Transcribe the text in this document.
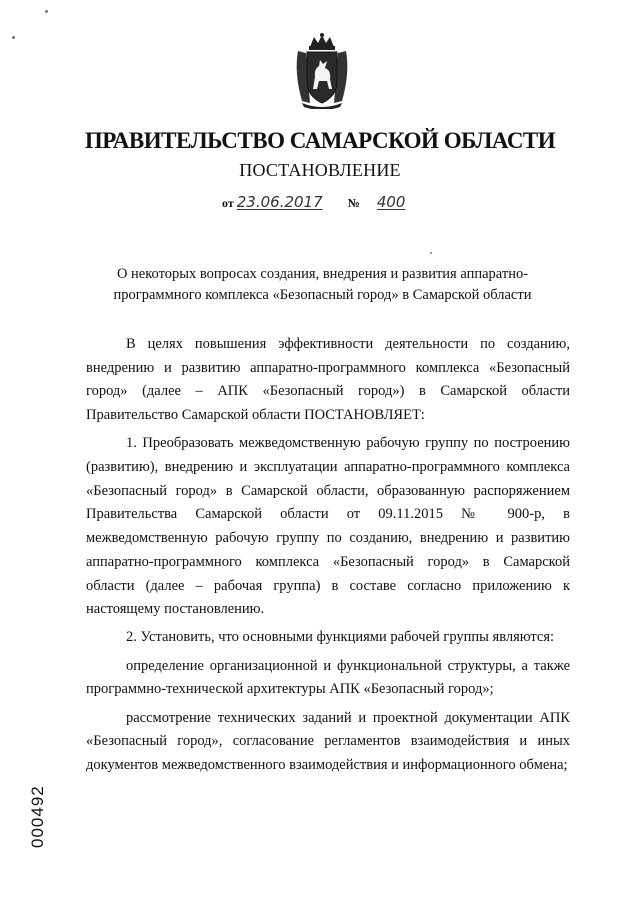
ПРАВИТЕЛЬСТВО САМАРСКОЙ ОБЛАСТИ
ПОСТАНОВЛЕНИЕ
от 23.06.2017 № 400
О некоторых вопросах создания, внедрения и развития аппаратно-программного комплекса «Безопасный город» в Самарской области

В целях повышения эффективности деятельности по созданию, внедрению и развитию аппаратно-программного комплекса «Безопасный город» (далее – АПК «Безопасный город») в Самарской области Правительство Самарской области ПОСТАНОВЛЯЕТ:

1. Преобразовать межведомственную рабочую группу по построению (развитию), внедрению и эксплуатации аппаратно-программного комплекса «Безопасный город» в Самарской области, образованную распоряжением Правительства Самарской области от 09.11.2015 № 900-р, в межведомственную рабочую группу по созданию, внедрению и развитию аппаратно-программного комплекса «Безопасный город» в Самарской области (далее – рабочая группа) в составе согласно приложению к настоящему постановлению.

2. Установить, что основными функциями рабочей группы являются:

определение организационной и функциональной структуры, а также программно-технической архитектуры АПК «Безопасный город»;

рассмотрение технических заданий и проектной документации АПК «Безопасный город», согласование регламентов взаимодействия и иных документов межведомственного взаимодействия и информационного обмена;

000492
